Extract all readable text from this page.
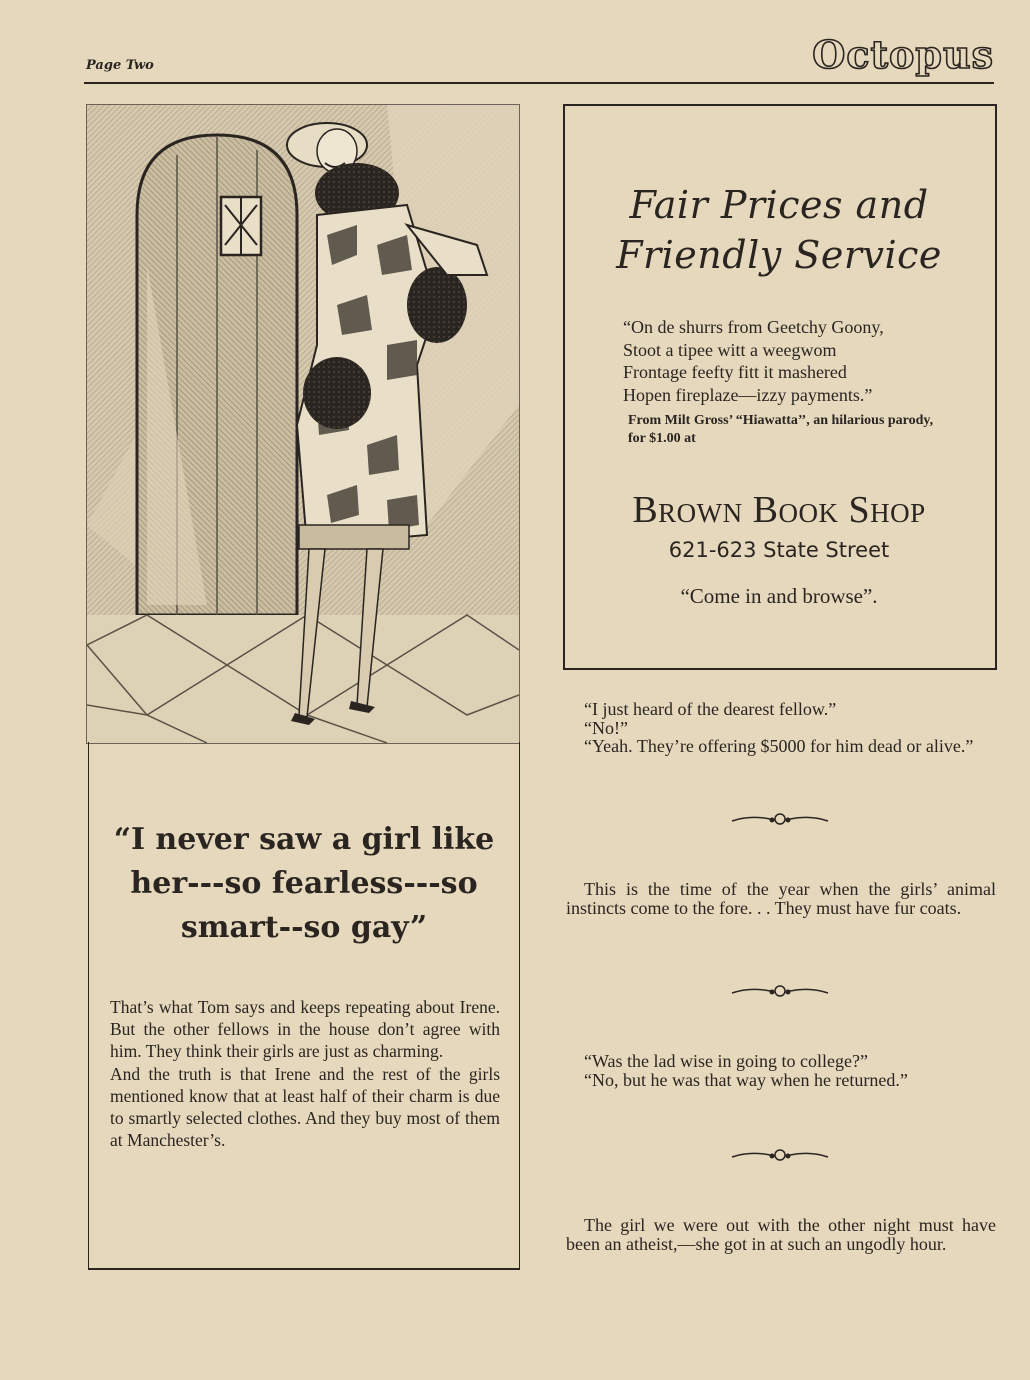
Page Two	Octopus
“I never saw a girl like her---so fearless---so smart--so gay”

That’s what Tom says and keeps repeating about Irene. But the other fellows in the house don’t agree with him. They think their girls are just as charming.

And the truth is that Irene and the rest of the girls mentioned know that at least half of their charm is due to smartly selected clothes. And they buy most of them at Manchester’s.

Fair Prices and
Friendly Service
“On de shurrs from Geetchy Goony,
Stoot a tipee witt a weegwom
Frontage feefty fitt it mashered
Hopen fireplaze—izzy payments.”
From Milt Gross’ “Hiawatta’’, an hilarious parody, for $1.00 at
Brown Book Shop
621-623 State Street
“Come in and browse”.

“I just heard of the dearest fellow.”

“No!”

“Yeah. They’re offering $5000 for him dead or alive.”

This is the time of the year when the girls’ animal instincts come to the fore. . . They must have fur coats.

“Was the lad wise in going to college?”

“No, but he was that way when he returned.”

The girl we were out with the other night must have been an atheist,—she got in at such an ungodly hour.
